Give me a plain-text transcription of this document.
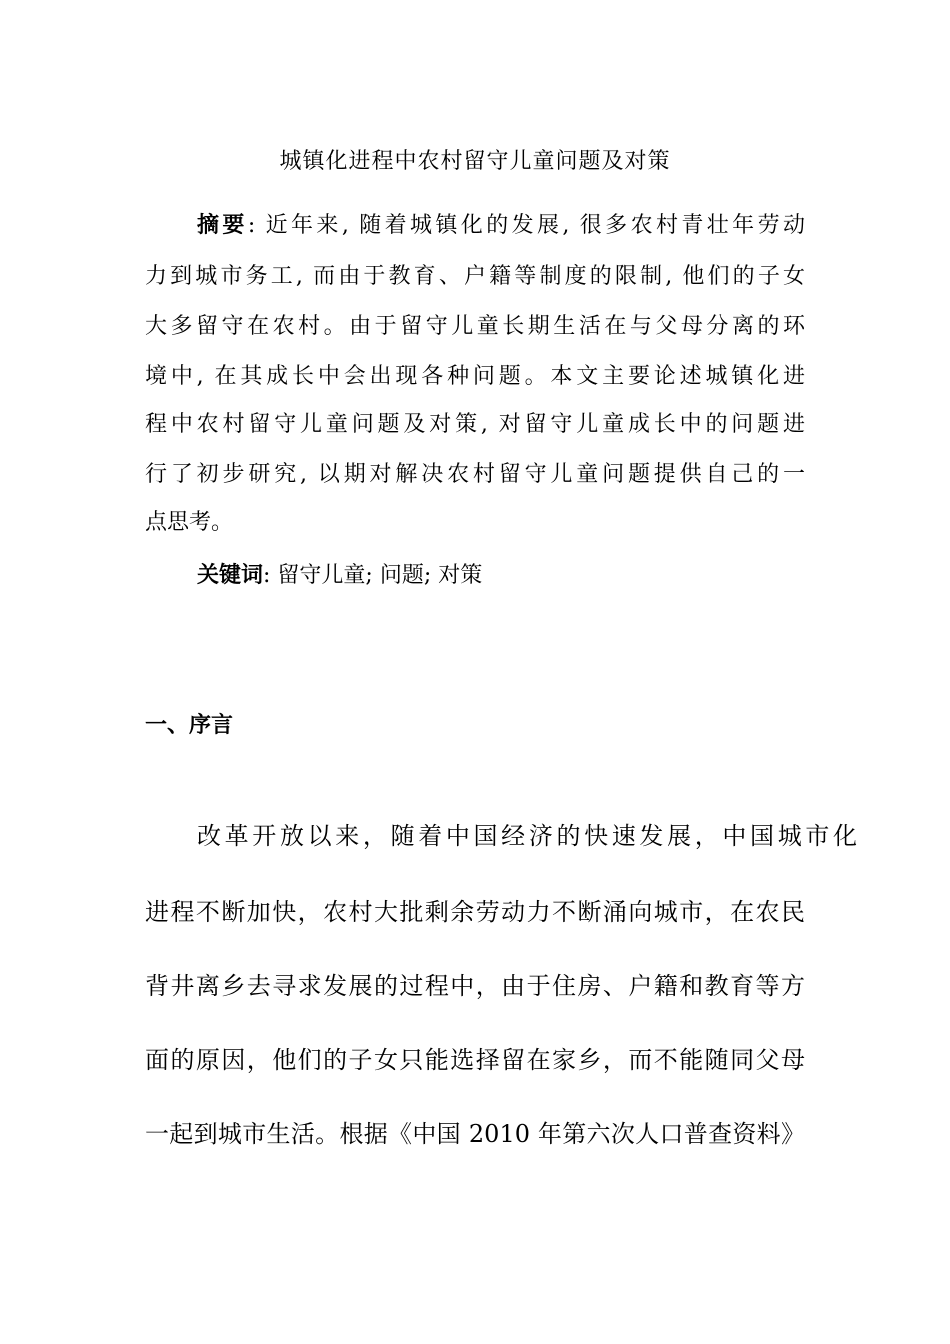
城镇化进程中农村留守儿童问题及对策
摘要: 近年来, 随着城镇化的发展, 很多农村青壮年劳动
力到城市务工, 而由于教育、户籍等制度的限制, 他们的子女
大多留守在农村。由于留守儿童长期生活在与父母分离的环
境中, 在其成长中会出现各种问题。本文主要论述城镇化进
程中农村留守儿童问题及对策, 对留守儿童成长中的问题进
行了初步研究, 以期对解决农村留守儿童问题提供自己的一
点思考。
关键词: 留守儿童; 问题; 对策
一、序言
改革开放以来，随着中国经济的快速发展，中国城市化
进程不断加快，农村大批剩余劳动力不断涌向城市，在农民
背井离乡去寻求发展的过程中，由于住房、户籍和教育等方
面的原因，他们的子女只能选择留在家乡，而不能随同父母
一起到城市生活。根据《中国 2010 年第六次人口普查资料》
